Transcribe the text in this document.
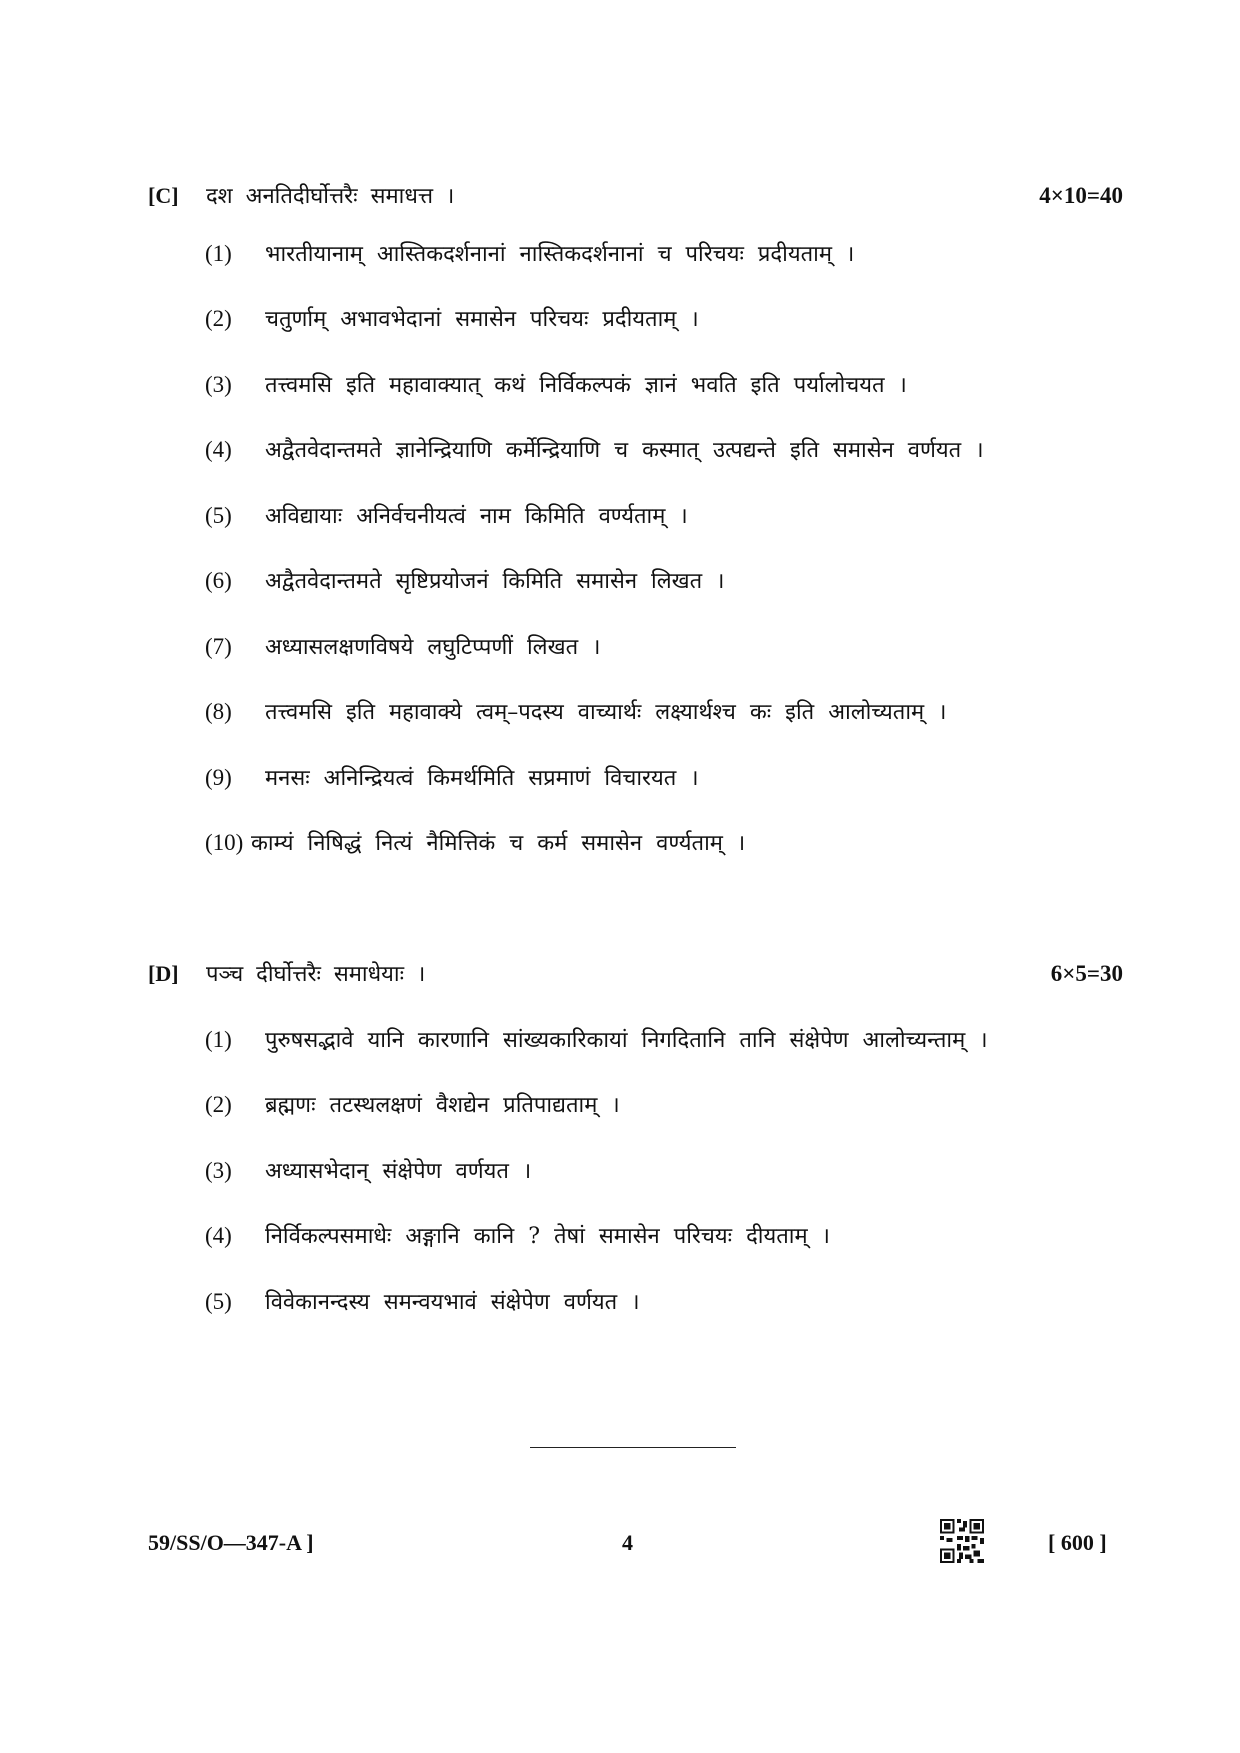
[C]	दश अनतिदीर्घोत्तरैः समाधत्त ।	4×10=40
(1)	भारतीयानाम् आस्तिकदर्शनानां नास्तिकदर्शनानां च परिचयः प्रदीयताम् ।
(2)	चतुर्णाम् अभावभेदानां समासेन परिचयः प्रदीयताम् ।
(3)	तत्त्वमसि इति महावाक्यात् कथं निर्विकल्पकं ज्ञानं भवति इति पर्यालोचयत ।
(4)	अद्वैतवेदान्तमते ज्ञानेन्द्रियाणि कर्मेन्द्रियाणि च कस्मात् उत्पद्यन्ते इति समासेन वर्णयत ।
(5)	अविद्यायाः अनिर्वचनीयत्वं नाम किमिति वर्ण्यताम् ।
(6)	अद्वैतवेदान्तमते सृष्टिप्रयोजनं किमिति समासेन लिखत ।
(7)	अध्यासलक्षणविषये लघुटिप्पणीं लिखत ।
(8)	तत्त्वमसि इति महावाक्ये त्वम्–पदस्य वाच्यार्थः लक्ष्यार्थश्च कः इति आलोच्यताम् ।
(9)	मनसः अनिन्द्रियत्वं किमर्थमिति सप्रमाणं विचारयत ।
(10) काम्यं निषिद्धं नित्यं नैमित्तिकं च कर्म समासेन वर्ण्यताम् ।
[D]	पञ्च दीर्घोत्तरैः समाधेयाः ।	6×5=30
(1)	पुरुषसद्भावे यानि कारणानि सांख्यकारिकायां निगदितानि तानि संक्षेपेण आलोच्यन्ताम् ।
(2)	ब्रह्मणः तटस्थलक्षणं वैशद्येन प्रतिपाद्यताम् ।
(3)	अध्यासभेदान् संक्षेपेण वर्णयत ।
(4)	निर्विकल्पसमाधेः अङ्गानि कानि ? तेषां समासेन परिचयः दीयताम् ।
(5)	विवेकानन्दस्य समन्वयभावं संक्षेपेण वर्णयत ।
59/SS/O—347-A ]	4	[ 600 ]
